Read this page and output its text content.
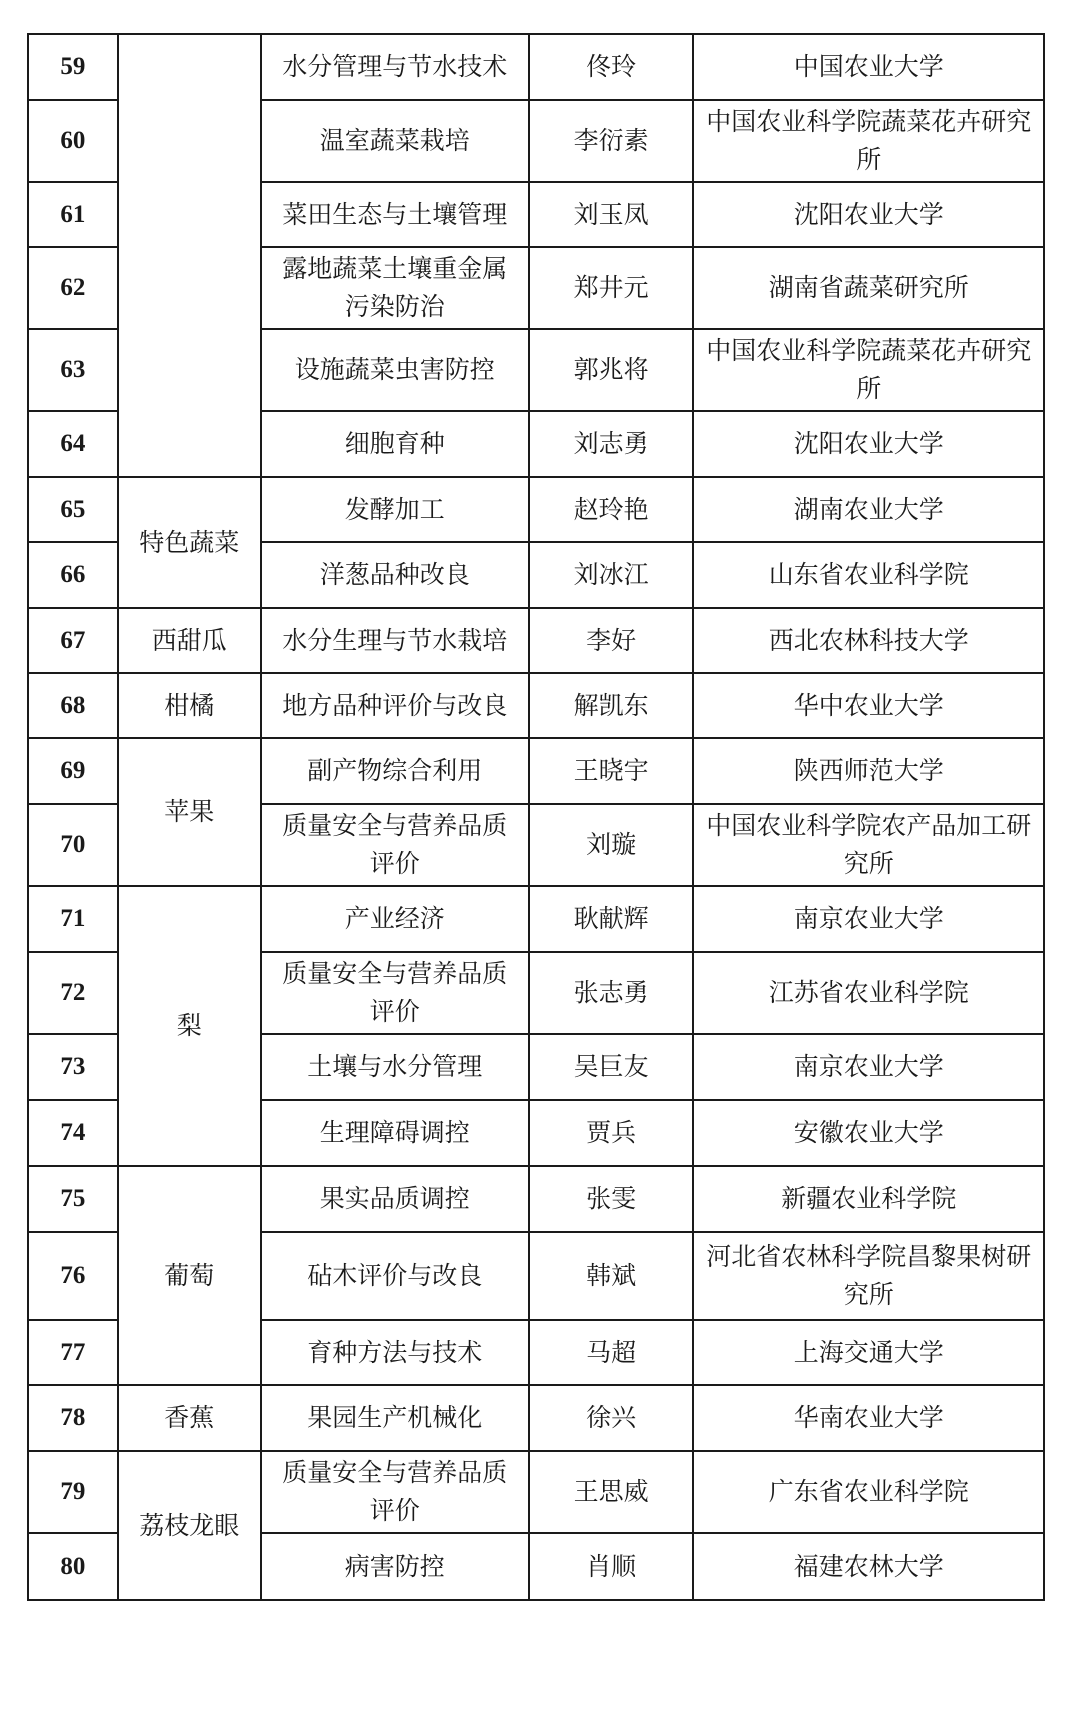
59		水分管理与节水技术	佟玲	中国农业大学
60		温室蔬菜栽培	李衍素	中国农业科学院蔬菜花卉研究所
61		菜田生态与土壤管理	刘玉凤	沈阳农业大学
62		露地蔬菜土壤重金属污染防治	郑井元	湖南省蔬菜研究所
63		设施蔬菜虫害防控	郭兆将	中国农业科学院蔬菜花卉研究所
64		细胞育种	刘志勇	沈阳农业大学
65	特色蔬菜	发酵加工	赵玲艳	湖南农业大学
66		洋葱品种改良	刘冰江	山东省农业科学院
67	西甜瓜	水分生理与节水栽培	李好	西北农林科技大学
68	柑橘	地方品种评价与改良	解凯东	华中农业大学
69	苹果	副产物综合利用	王晓宇	陕西师范大学
70		质量安全与营养品质评价	刘璇	中国农业科学院农产品加工研究所
71	梨	产业经济	耿献辉	南京农业大学
72		质量安全与营养品质评价	张志勇	江苏省农业科学院
73		土壤与水分管理	吴巨友	南京农业大学
74		生理障碍调控	贾兵	安徽农业大学
75	葡萄	果实品质调控	张雯	新疆农业科学院
76		砧木评价与改良	韩斌	河北省农林科学院昌黎果树研究所
77		育种方法与技术	马超	上海交通大学
78	香蕉	果园生产机械化	徐兴	华南农业大学
79	荔枝龙眼	质量安全与营养品质评价	王思威	广东省农业科学院
80		病害防控	肖顺	福建农林大学
